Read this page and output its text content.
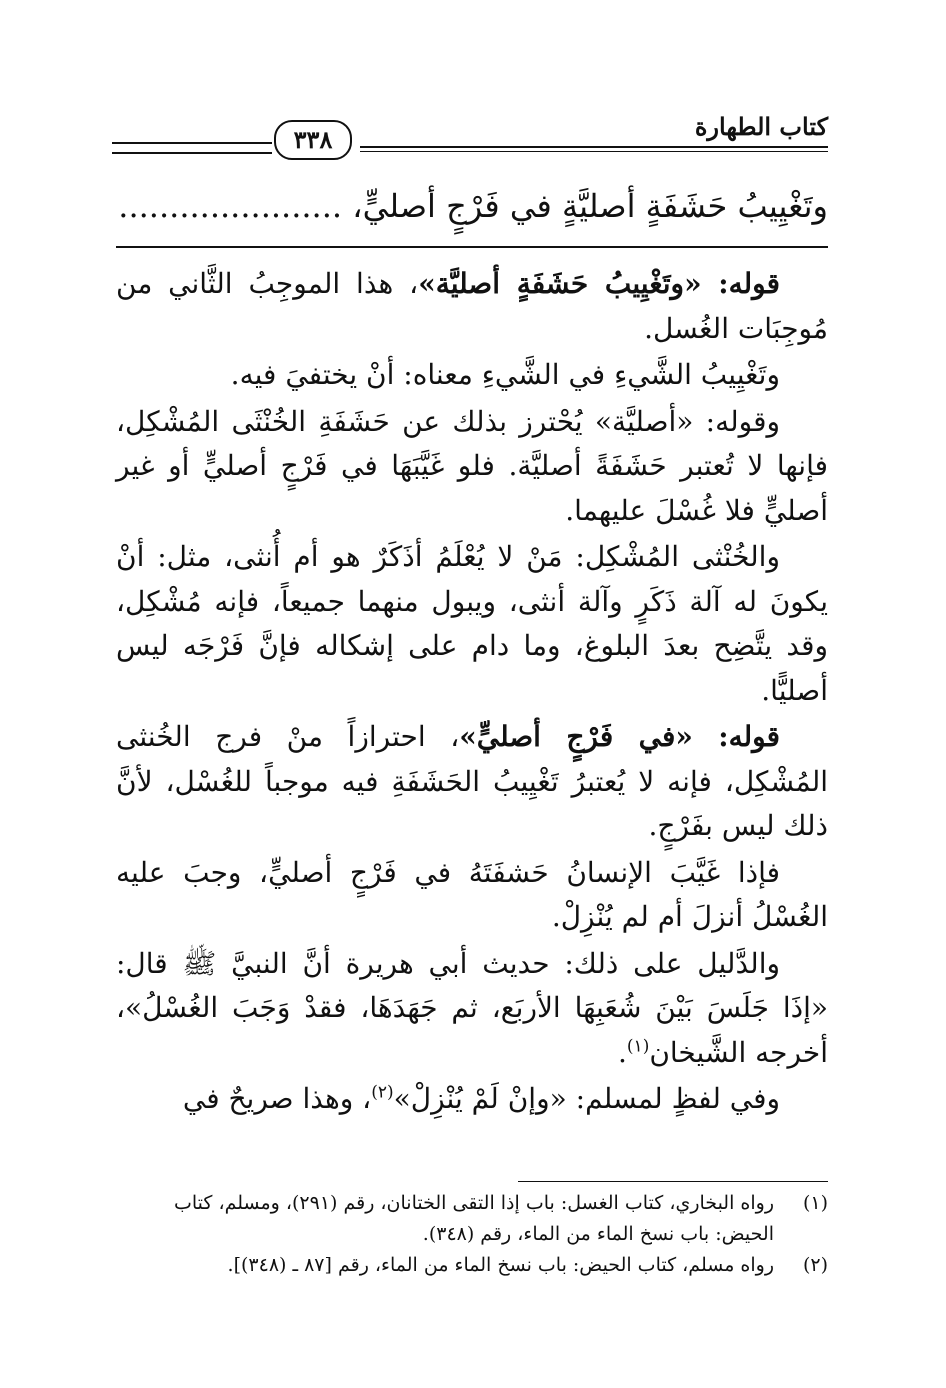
كتاب الطهارة
٣٣٨
وتَغْيِيبُ حَشَفَةٍ أصليَّةٍ في فَرْجٍ أصليٍّ، ......................

قوله: «وتَغْيِيبُ حَشَفَةٍ أصليَّة»، هذا الموجِبُ الثَّاني من مُوجِبَات الغُسل.

وتَغْيِيبُ الشَّيءِ في الشَّيءِ معناه: أنْ يختفيَ فيه.

وقوله: «أصليَّة» يُحْترز بذلك عن حَشَفَةِ الخُنْثَى المُشْكِل، فإنها لا تُعتبر حَشَفَةً أصليَّة. فلو غَيَّبَهَا في فَرْجٍ أصليٍّ أو غير أصليٍّ فلا غُسْلَ عليهما.

والخُنْثى المُشْكِل: مَنْ لا يُعْلَمُ أذَكَرٌ هو أم أُنثى، مثل: أنْ يكونَ له آلة ذَكَرٍ وآلة أنثى، ويبول منهما جميعاً، فإنه مُشْكِل، وقد يتَّضِح بعدَ البلوغ، وما دام على إشكاله فإنَّ فَرْجَه ليس أصليًّا.

قوله: «في فَرْجٍ أصليٍّ»، احترازاً منْ فرج الخُنثى المُشْكِل، فإنه لا يُعتبرُ تَغْيِيبُ الحَشَفَةِ فيه موجباً للغُسْل، لأنَّ ذلك ليس بفَرْجٍ.

فإذا غَيَّبَ الإنسانُ حَشفَتَهُ في فَرْجٍ أصليٍّ، وجبَ عليه الغُسْلُ أنزلَ أم لم يُنْزِلْ.

والدَّليل على ذلك: حديث أبي هريرة أنَّ النبيَّ ﷺ قال: «إذَا جَلَسَ بَيْنَ شُعَبِهَا الأربَع، ثم جَهَدَهَا، فقدْ وَجَبَ الغُسْلُ»، أخرجه الشَّيخان$^{(١)}$.

وفي لفظٍ لمسلم: «وإنْ لَمْ يُنْزِلْ»$^{(٢)}$، وهذا صريحٌ في

(١)
رواه البخاري، كتاب الغسل: باب إذا التقى الختانان، رقم (٢٩١)، ومسلم، كتاب الحيض: باب نسخ الماء من الماء، رقم (٣٤٨).
(٢)
رواه مسلم، كتاب الحيض: باب نسخ الماء من الماء، رقم [٨٧ ـ (٣٤٨)].
